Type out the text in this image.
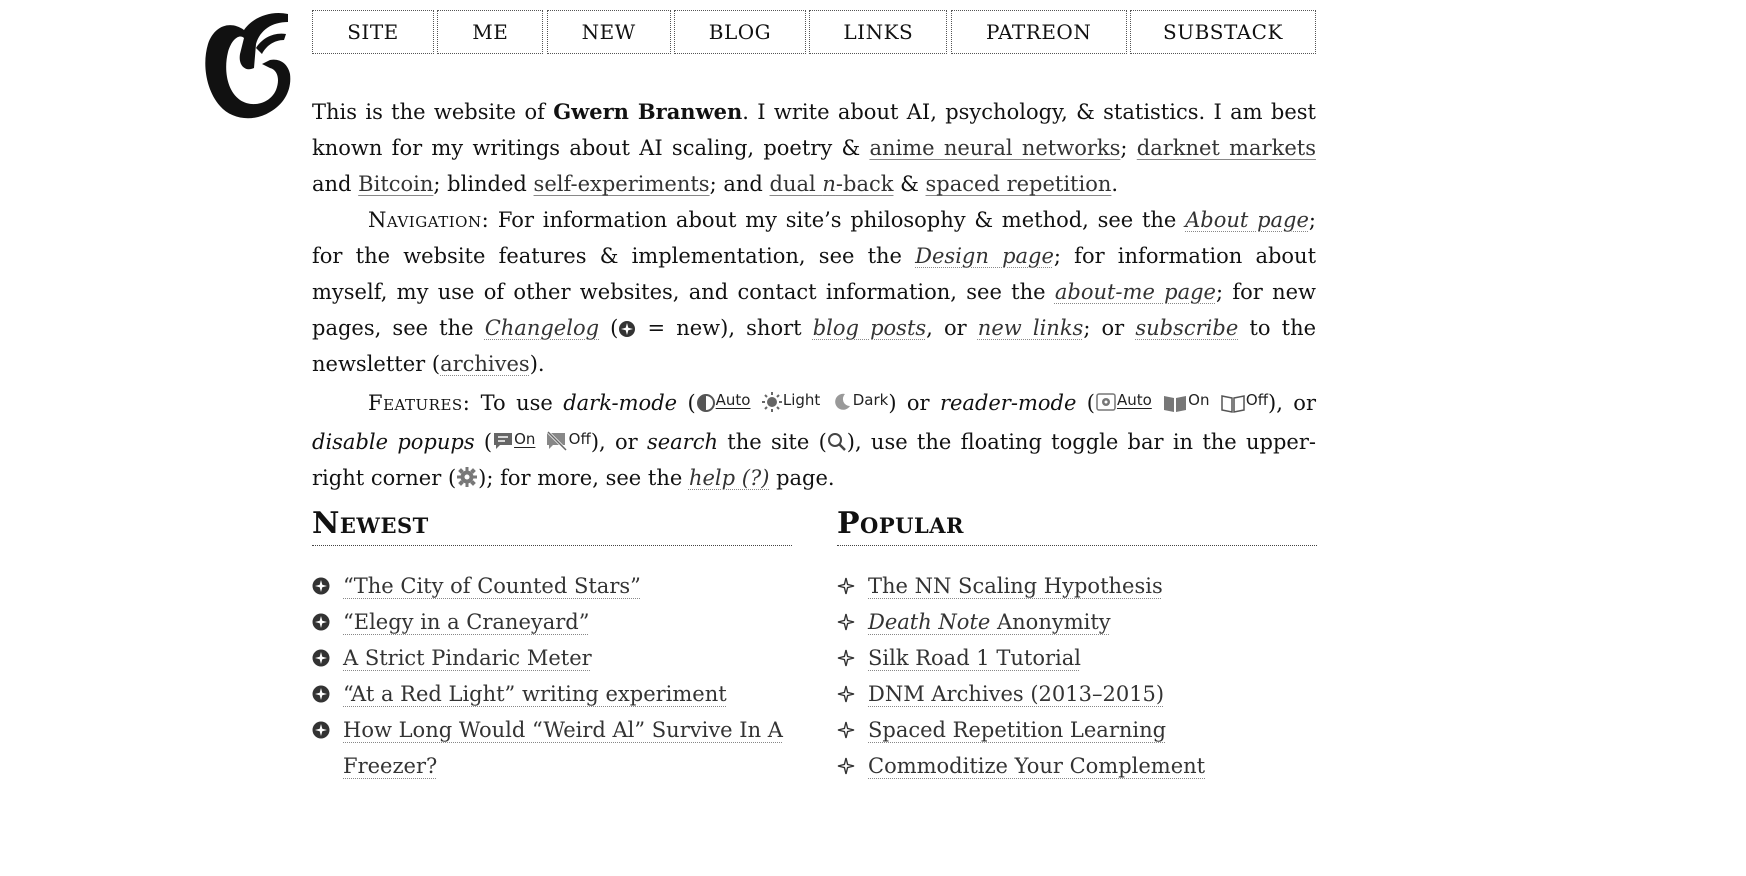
SITE	ME	NEW	BLOG	LINKS	PATREON	SUBSTACK

This is the website of Gwern Branwen. I write about AI, psychology, & statistics. I am best known for my writings about AI scaling, poetry & anime neural networks; darknet markets and Bitcoin; blinded self-experiments; and dual n-back & spaced repetition.

Navigation: For information about my site’s philosophy & method, see the About page; for the website features & implementation, see the Design page; for information about myself, my use of other websites, and contact information, see the about-me page; for new pages, see the Changelog ( = new), short blog posts, or new links; or subscribe to the newsletter (archives).

Features: To use dark-mode ( $^{Auto}$ $^{Light}$ $^{Dark}$) or reader-mode ( $^{Auto}$ $^{On}$ $^{Off}$), or disable popups ( $^{On}$ $^{Off}$), or search the site ( ), use the floating toggle bar in the upper-right corner ( ); for more, see the help (?) page.

Newest
“The City of Counted Stars”
“Elegy in a Craneyard”
A Strict Pindaric Meter
“At a Red Light” writing experiment
How Long Would “Weird Al” Survive In A Freezer?
Popular
The NN Scaling Hypothesis
Death Note Anonymity
Silk Road 1 Tutorial
DNM Archives (2013–2015)
Spaced Repetition Learning
Commoditize Your Complement
